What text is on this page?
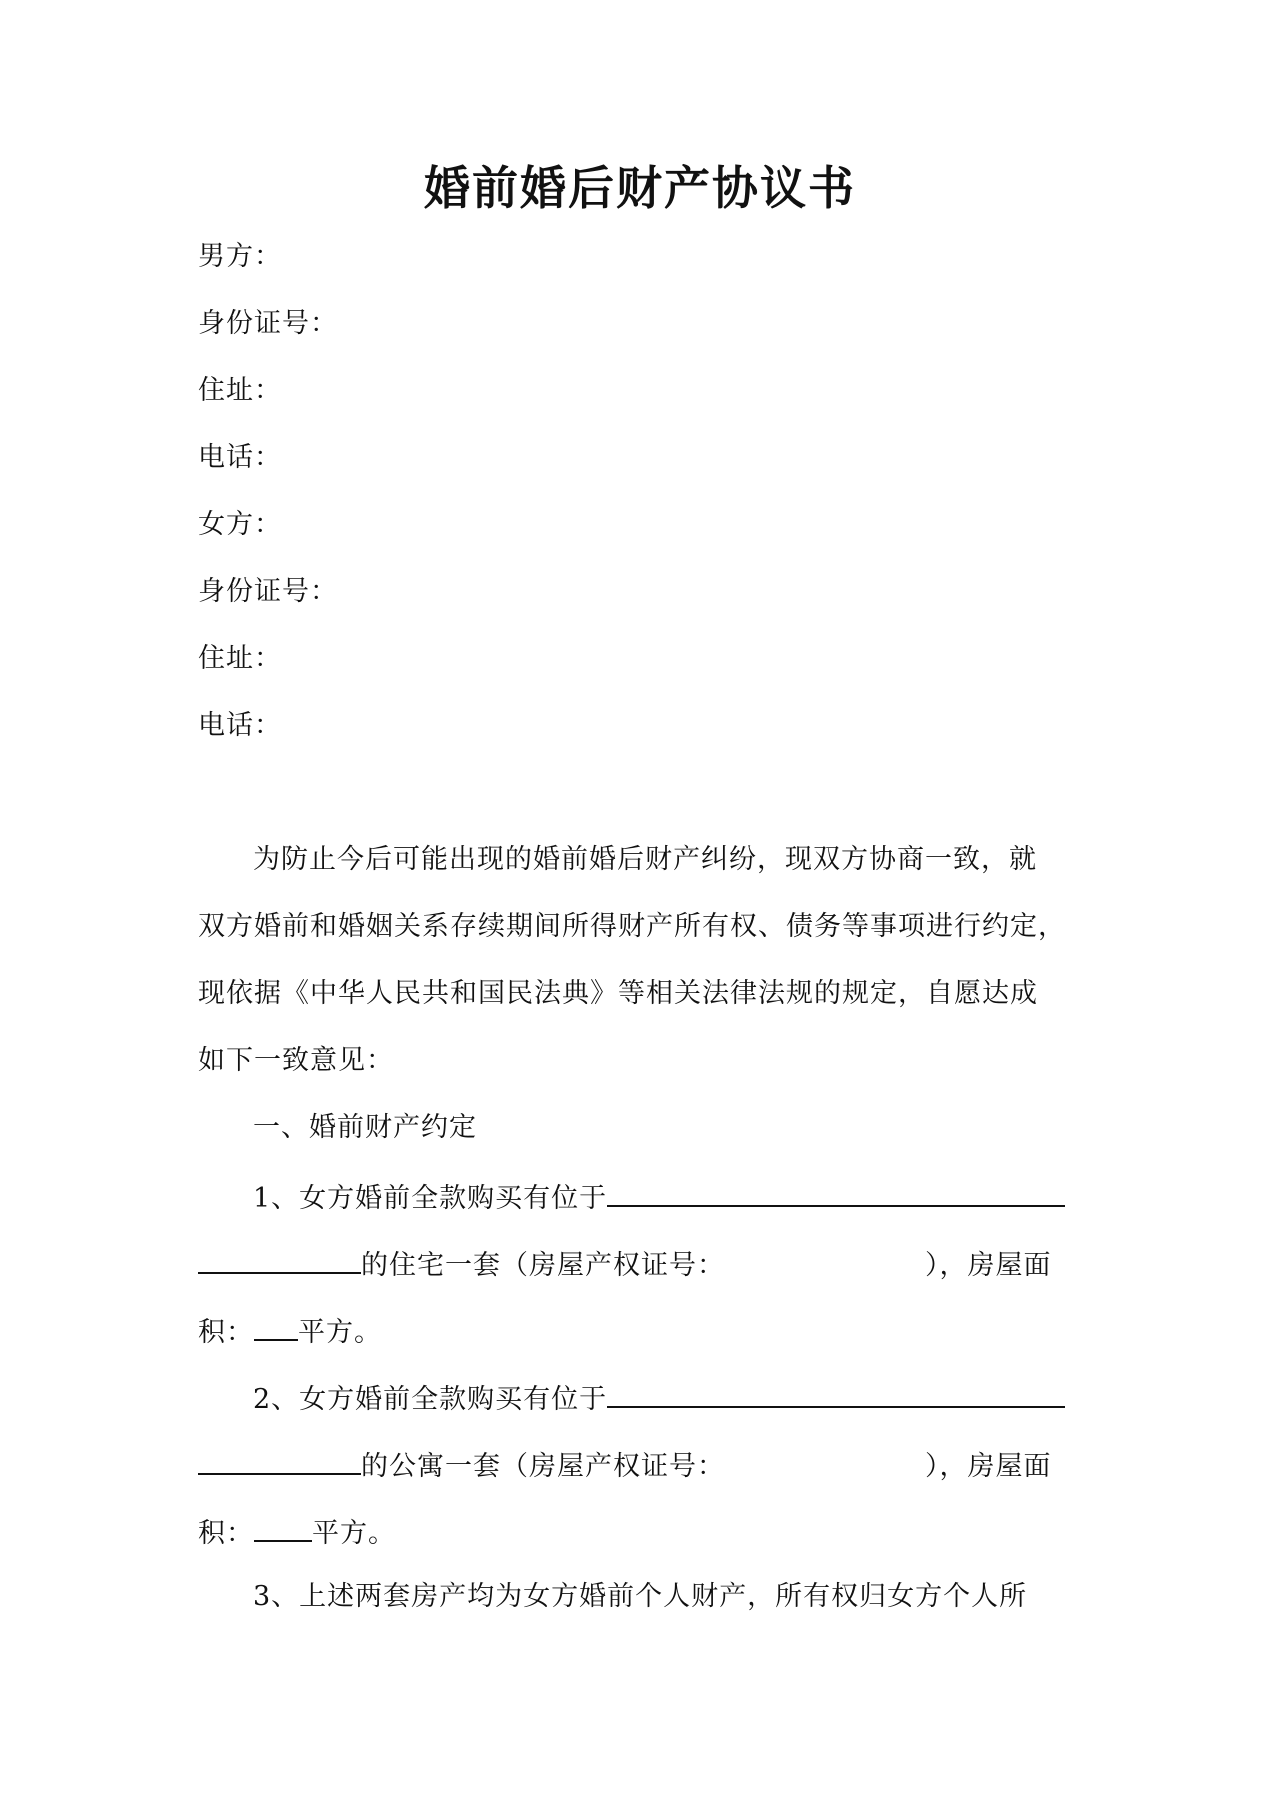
婚前婚后财产协议书
男方：
身份证号：
住址：
电话：
女方：
身份证号：
住址：
电话：
为防止今后可能出现的婚前婚后财产纠纷，现双方协商一致，就
双方婚前和婚姻关系存续期间所得财产所有权、债务等事项进行约定，
现依据《中华人民共和国民法典》等相关法律法规的规定，自愿达成
如下一致意见：
一、婚前财产约定
1、女方婚前全款购买有位于
的住宅一套（房屋产权证号：	），房屋面
积： 平方。
2、女方婚前全款购买有位于
的公寓一套（房屋产权证号：	），房屋面
积： 平方。
3、上述两套房产均为女方婚前个人财产，所有权归女方个人所
